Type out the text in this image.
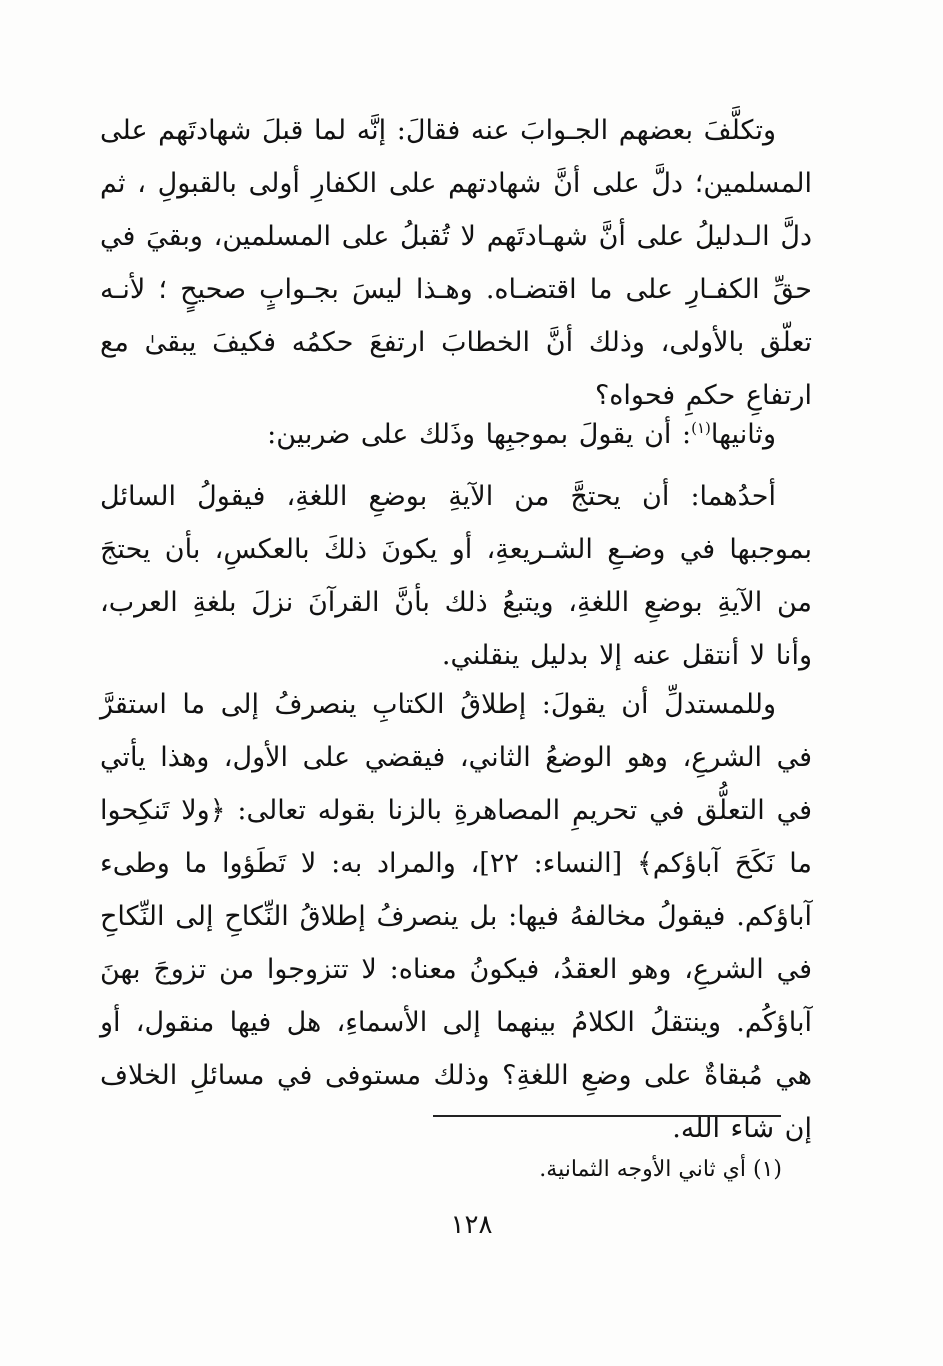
وتكلَّفَ بعضهم الجـوابَ عنه فقالَ: إنَّه لما قبلَ شهادتَهم على المسلمين؛ دلَّ على أنَّ شهادتهم على الكفارِ أولى بالقبولِ ، ثم دلَّ الـدليلُ على أنَّ شهـادتَهم لا تُقبلُ على المسلمين، وبقيَ في حقِّ الكفـارِ على ما اقتضـاه. وهـذا ليسَ بجـوابٍ صحيحٍ ؛ لأنـه تعلّق بالأولى، وذلك أنَّ الخطابَ ارتفعَ حكمُه فكيفَ يبقىٰ مع ارتفاعِ حكمِ فحواه؟
وثانيها$^{(١)}$: أن يقولَ بموجبِها وذَلك على ضربين:
أحدُهما: أن يحتجَّ من الآيةِ بوضعِ اللغةِ، فيقولُ السائل بموجبها في وضـعِ الشـريعةِ، أو يكونَ ذلكَ بالعكسِ، بأن يحتجَ من الآيةِ بوضعِ اللغةِ، ويتبعُ ذلك بأنَّ القرآنَ نزلَ بلغةِ العرب، وأنا لا أنتقل عنه إلا بدليل ينقلني.
وللمستدلِّ أن يقولَ: إطلاقُ الكتابِ ينصرفُ إلى ما استقرَّ في الشرعِ، وهو الوضعُ الثاني، فيقضي على الأول، وهذا يأتي في التعلُّق في تحريمِ المصاهرةِ بالزنا بقوله تعالى: ﴿ولا تَنكِحوا ما نَكَحَ آباؤكم﴾ [النساء: ٢٢]، والمراد به: لا تَطَؤوا ما وطىء آباؤكم. فيقولُ مخالفهُ فيها: بل ينصرفُ إطلاقُ النِّكاحِ إلى النِّكاحِ في الشرعِ، وهو العقدُ، فيكونُ معناه: لا تتزوجوا من تزوجَ بهنَ آباؤكُم. وينتقلُ الكلامُ بينهما إلى الأسماءِ، هل فيها منقول، أو هي مُبقاةٌ على وضعِ اللغةِ؟ وذلك مستوفى في مسائلِ الخلاف إن شاء الله.
(١) أي ثاني الأوجه الثمانية.
١٢٨
